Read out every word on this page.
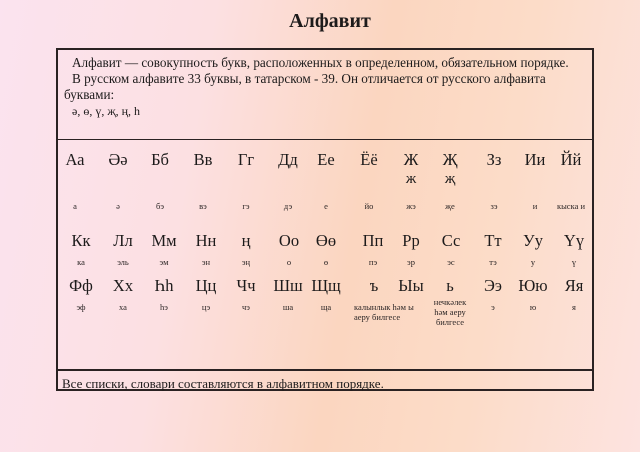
Алфавит

Алфавит — совокупность букв, расположенных в определенном, обязательном порядке.

В русском алфавите 33 буквы, в татарском - 39. Он отличается от русского алфавита буквами:

ә, ө, ү, җ, ң, һ
Аа
а
Әә
ә
Бб
бэ
Вв
вэ
Гг
гэ
Дд
дэ
Ее
е
Ёё
йо
Ж
ж
жэ
Җ
җ
җе
Зз
зэ
Ии
и
Йй
кыска и
Кк
ка
Лл
эль
Мм
эм
Нн
эн
ң
эң
Оо
о
Өө
ө
Пп
пэ
Рр
эр
Сс
эс
Тт
тэ
Уу
у
Үү
ү
Фф
эф
Хх
ха
Һһ
һэ
Цц
цэ
Чч
чэ
Шш
ша
Щщ
ща
ъ
калынлык һәм аеру билгесе
Ыы
ы
ь
нечкәлек һәм аеру билгесе
Ээ
э
Юю
ю
Яя
я
Все списки, словари составляются в алфавитном порядке.
